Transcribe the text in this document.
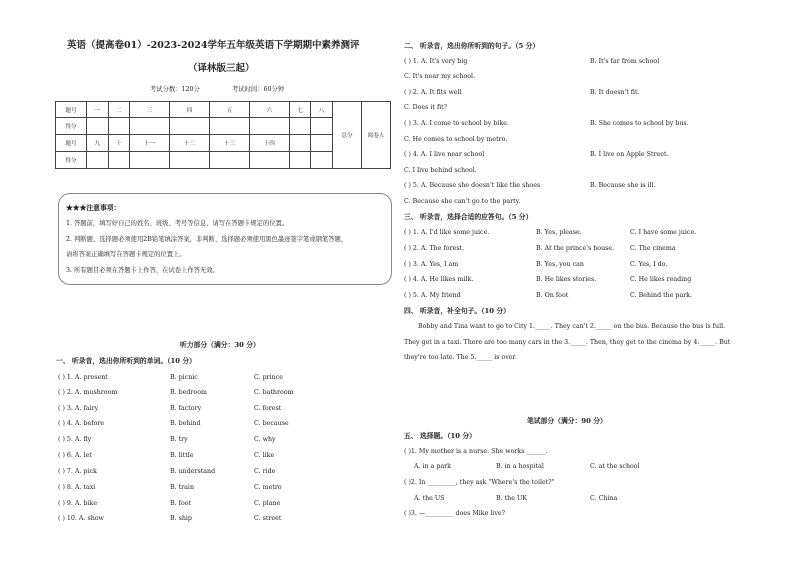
英语（提高卷01）-2023-2024学年五年级英语下学期期中素养测评
（译林版三起）
考试分数：120分	考试时间：60分钟
题号	一	二	三	四	五	六	七	八	总分	阅卷人
得分										
题号	九	十	十一	十二	十三	十四				
得分										
★★★注意事项：
1. 答题前，填写好自己的姓名、班级、考号等信息，请写在答题卡规定的位置。
2. 判断题、选择题必须使用2B铅笔填涂答案，非判断、选择题必须使用黑色墨迹签字笔或钢笔答题，
请将答案正确填写在答题卡规定的位置上。
3. 所有题目必须在答题卡上作答，在试卷上作答无效。
听力部分（满分：30 分）
一、 听录音，选出你所听到的单词。（10 分）
( ) 1. A. present	B. picnic	C. prince
( ) 2. A. mushroom	B. bedroom	C. bathroom
( ) 3. A. fairy	B. factory	C. forest
( ) 4. A. before	B. behind	C. because
( ) 5. A. fly	B. try	C. why
( ) 6. A. let	B. little	C. like
( ) 7. A. pick	B. understand	C. ride
( ) 8. A. taxi	B. train	C. metro
( ) 9. A. bike	B. foot	C. plane
( ) 10. A. show	B. ship	C. street
二、 听录音，选出你所听到的句子。（5 分）
( ) 1. A. It's very big	B. It's far from school
C. It's near my school.
( ) 2. A. It fits well	B. It doesn't fit.
C. Does it fit?
( ) 3. A. I come to school by bike.	B. She comes to school by bus.
C. He comes to school by metro.
( ) 4. A. I live near school	B. I live on Apple Street.
C. I live behind school.
( ) 5. A. Because she doesn't like the shoes	B. Because she is ill.
C. Because she can't go to the party.
三、 听录音，选择合适的应答句。（5 分）
( ) 1. A. I'd like some juice.	B. Yes, please.	C. I have some juice.
( ) 2. A. The forest.	B. At the prince's house.	C. The cinema
( ) 3. A. Yes, I am	B. Yes, you can	C. Yes, I do.
( ) 4. A. He likes milk.	B. He likes stories.	C. He likes reading
( ) 5. A. My friend	B. On foot	C. Behind the park.
四、 听录音，补全句子。（10 分）
Bobby and Tina want to go to City 1._____. They can't 2._____ on the bus. Because the bus is full.
They get in a taxi. There are too many cars in the 3._____. Then, they get to the cinema by 4._____. But
they're too late. The 5._____ is over.
笔试部分（满分：90 分）
五、 选择题。（10 分）
( )1. My mother is a nurse. She works ______.
A. in a park	B. in a hospital	C. at the school
( )2. In _________, they ask "Where's the toilet?"
A. the US	B. the UK	C. China
( )3. —_________ does Mike live?
